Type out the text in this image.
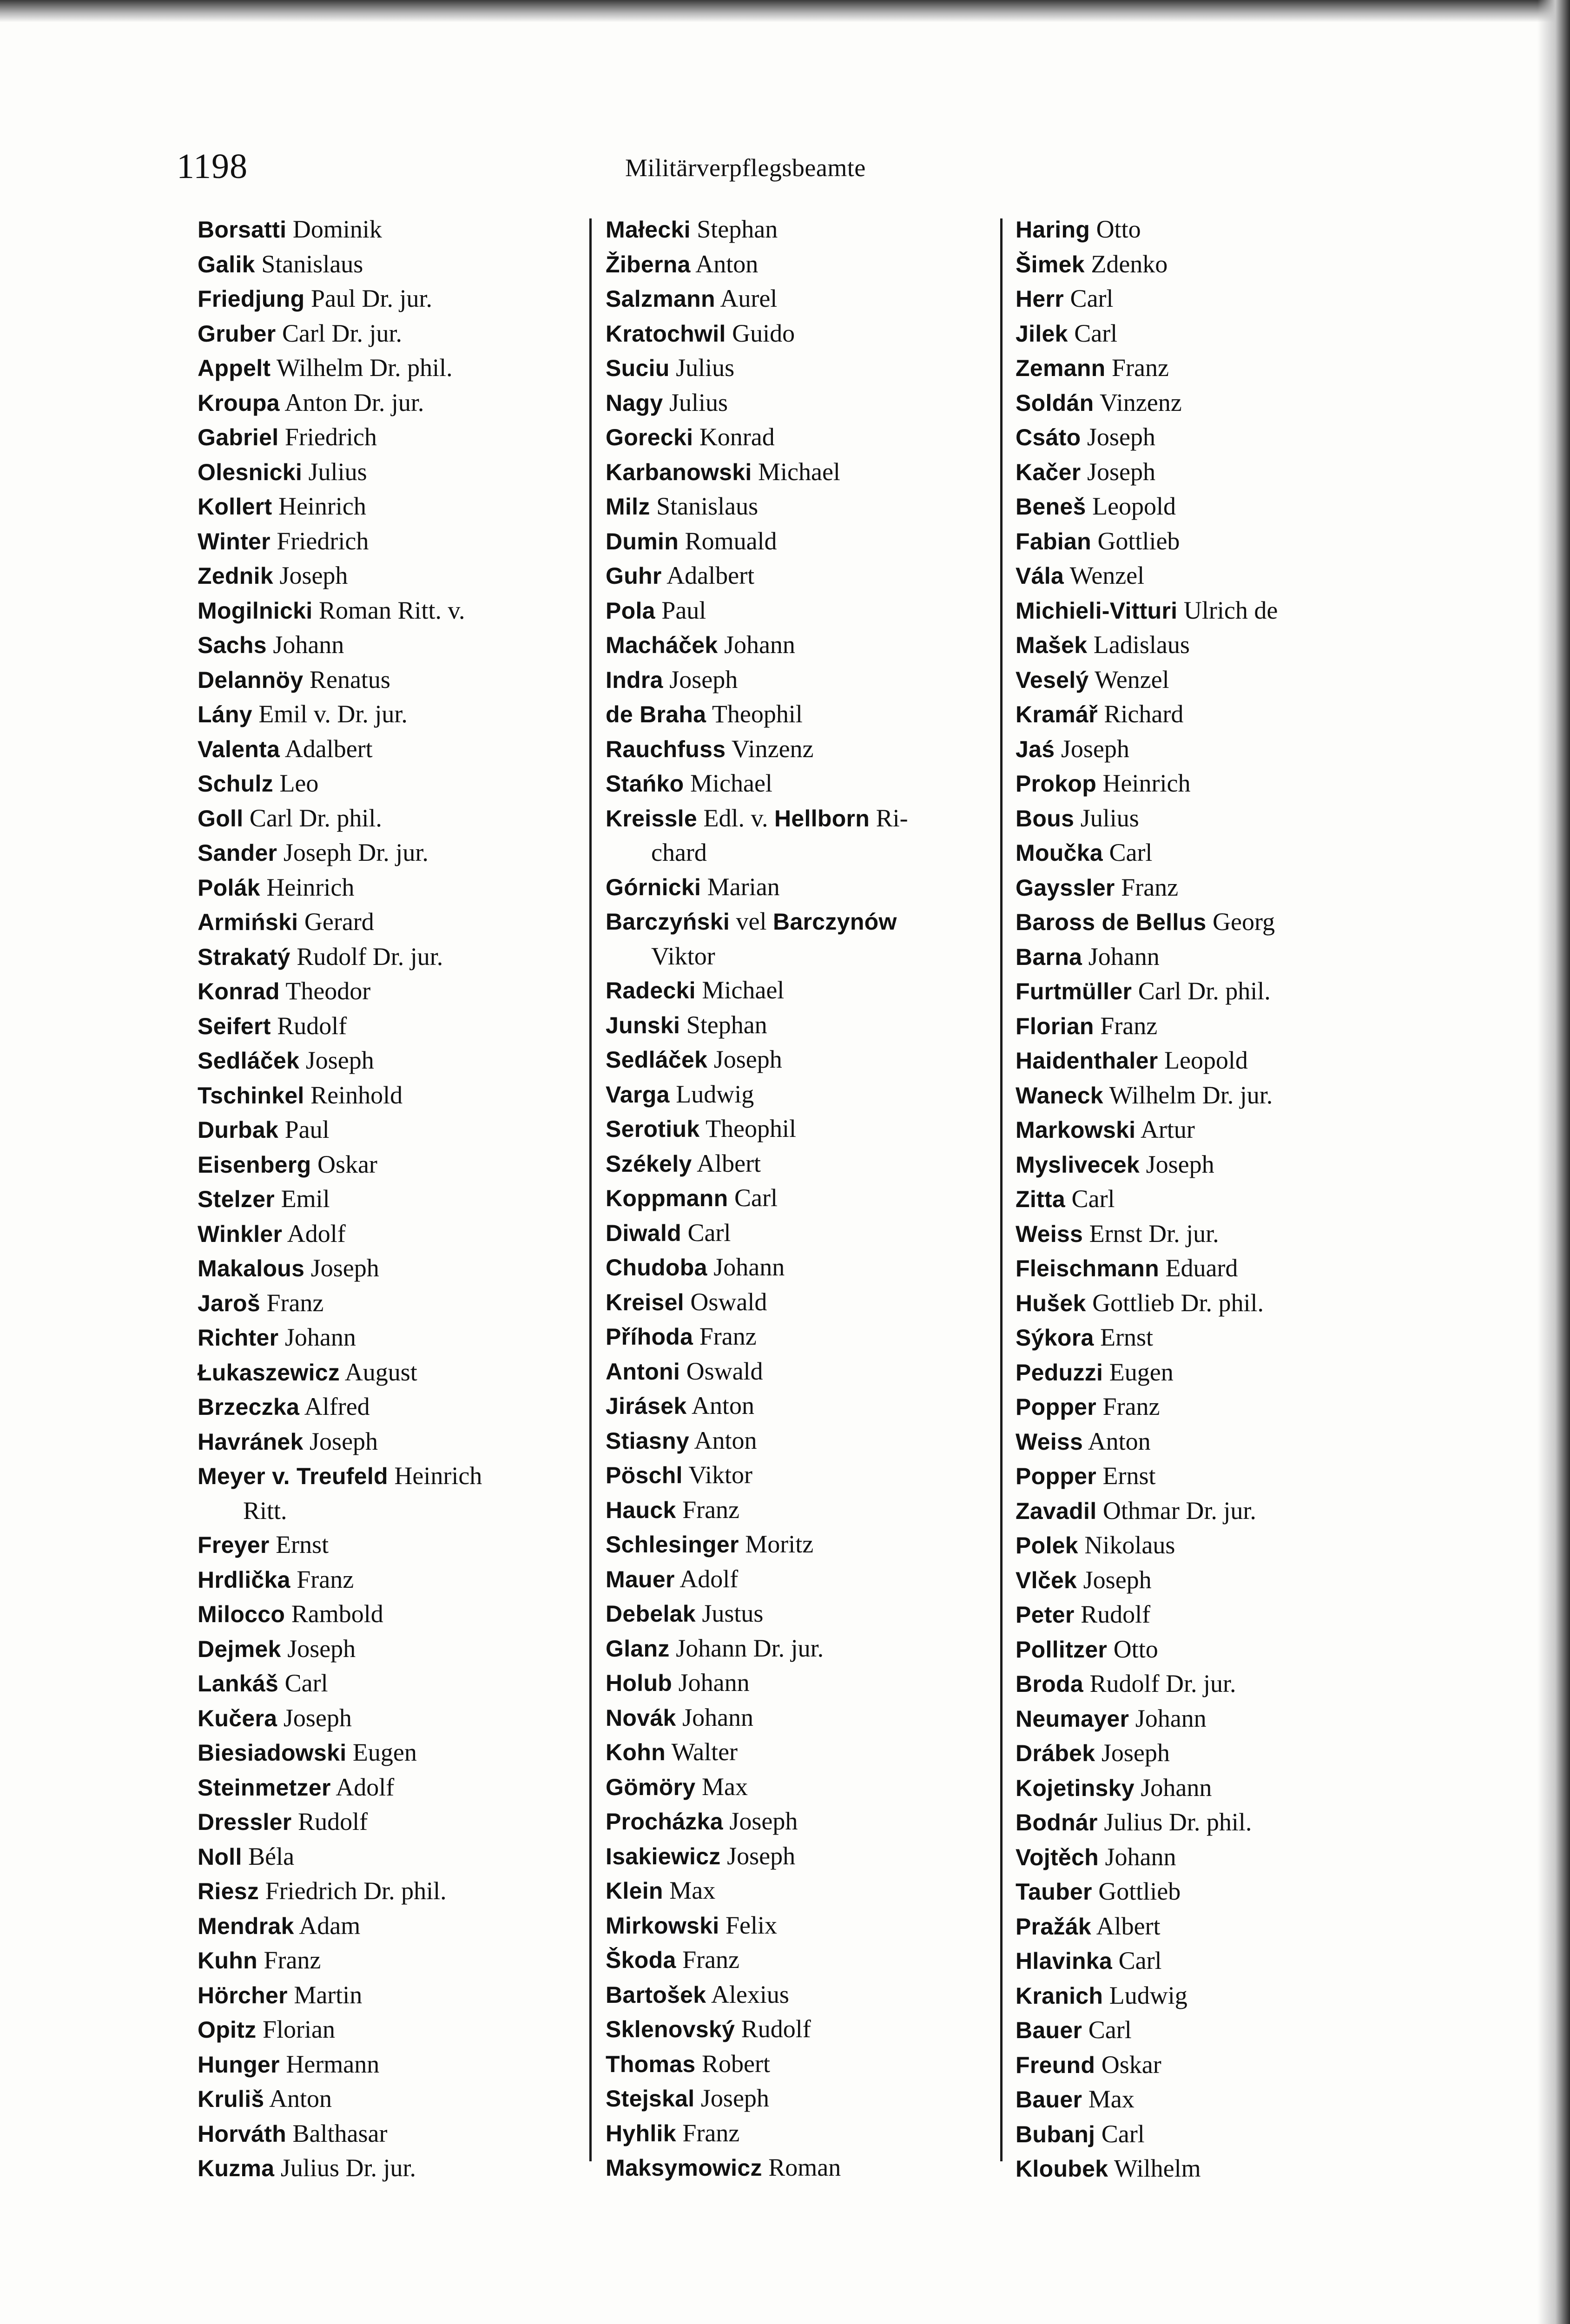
1198	Militärverpflegsbeamte
Borsatti Dominik
Galik Stanislaus
Friedjung Paul Dr. jur.
Gruber Carl Dr. jur.
Appelt Wilhelm Dr. phil.
Kroupa Anton Dr. jur.
Gabriel Friedrich
Olesnicki Julius
Kollert Heinrich
Winter Friedrich
Zednik Joseph
Mogilnicki Roman Ritt. v.
Sachs Johann
Delannöy Renatus
Lány Emil v. Dr. jur.
Valenta Adalbert
Schulz Leo
Goll Carl Dr. phil.
Sander Joseph Dr. jur.
Polák Heinrich
Armiński Gerard
Strakatý Rudolf Dr. jur.
Konrad Theodor
Seifert Rudolf
Sedláček Joseph
Tschinkel Reinhold
Durbak Paul
Eisenberg Oskar
Stelzer Emil
Winkler Adolf
Makalous Joseph
Jaroš Franz
Richter Johann
Łukaszewicz August
Brzeczka Alfred
Havránek Joseph
Meyer v. Treufeld Heinrich
Ritt.
Freyer Ernst
Hrdlička Franz
Milocco Rambold
Dejmek Joseph
Lankáš Carl
Kučera Joseph
Biesiadowski Eugen
Steinmetzer Adolf
Dressler Rudolf
Noll Béla
Riesz Friedrich Dr. phil.
Mendrak Adam
Kuhn Franz
Hörcher Martin
Opitz Florian
Hunger Hermann
Kruliš Anton
Horváth Balthasar
Kuzma Julius Dr. jur.
Małecki Stephan
Žiberna Anton
Salzmann Aurel
Kratochwil Guido
Suciu Julius
Nagy Julius
Gorecki Konrad
Karbanowski Michael
Milz Stanislaus
Dumin Romuald
Guhr Adalbert
Pola Paul
Macháček Johann
Indra Joseph
de Braha Theophil
Rauchfuss Vinzenz
Stańko Michael
Kreissle Edl. v. Hellborn Ri-
chard
Górnicki Marian
Barczyński vel Barczynów
Viktor
Radecki Michael
Junski Stephan
Sedláček Joseph
Varga Ludwig
Serotiuk Theophil
Székely Albert
Koppmann Carl
Diwald Carl
Chudoba Johann
Kreisel Oswald
Příhoda Franz
Antoni Oswald
Jirásek Anton
Stiasny Anton
Pöschl Viktor
Hauck Franz
Schlesinger Moritz
Mauer Adolf
Debelak Justus
Glanz Johann Dr. jur.
Holub Johann
Novák Johann
Kohn Walter
Gömöry Max
Procházka Joseph
Isakiewicz Joseph
Klein Max
Mirkowski Felix
Škoda Franz
Bartošek Alexius
Sklenovský Rudolf
Thomas Robert
Stejskal Joseph
Hyhlik Franz
Maksymowicz Roman
Haring Otto
Šimek Zdenko
Herr Carl
Jilek Carl
Zemann Franz
Soldán Vinzenz
Csáto Joseph
Kačer Joseph
Beneš Leopold
Fabian Gottlieb
Vála Wenzel
Michieli-Vitturi Ulrich de
Mašek Ladislaus
Veselý Wenzel
Kramář Richard
Jaś Joseph
Prokop Heinrich
Bous Julius
Moučka Carl
Gayssler Franz
Baross de Bellus Georg
Barna Johann
Furtmüller Carl Dr. phil.
Florian Franz
Haidenthaler Leopold
Waneck Wilhelm Dr. jur.
Markowski Artur
Myslivecek Joseph
Zitta Carl
Weiss Ernst Dr. jur.
Fleischmann Eduard
Hušek Gottlieb Dr. phil.
Sýkora Ernst
Peduzzi Eugen
Popper Franz
Weiss Anton
Popper Ernst
Zavadil Othmar Dr. jur.
Polek Nikolaus
Vlček Joseph
Peter Rudolf
Pollitzer Otto
Broda Rudolf Dr. jur.
Neumayer Johann
Drábek Joseph
Kojetinsky Johann
Bodnár Julius Dr. phil.
Vojtěch Johann
Tauber Gottlieb
Pražák Albert
Hlavinka Carl
Kranich Ludwig
Bauer Carl
Freund Oskar
Bauer Max
Bubanj Carl
Kloubek Wilhelm
